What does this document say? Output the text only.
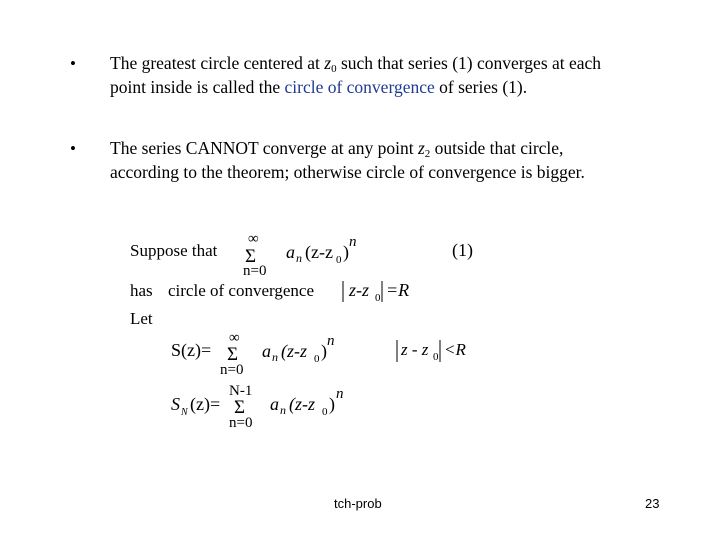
• The greatest circle centered at $z_0$ such that series (1) converges at each point inside is called the circle of convergence of series (1).
• The series CANNOT converge at any point $z_2$ outside that circle, according to the theorem; otherwise circle of convergence is bigger.
Suppose that
∞
Σ
n=0
a n (z-z 0 ) n	(1)
has circle of convergence z-z 0 =R
Let
S(z)=
∞
Σ
n=0
a n (z-z 0 ) n	z - z 0 <R
S N (z)=
N-1
Σ
n=0
a n (z-z 0 ) n
tch-prob	23
